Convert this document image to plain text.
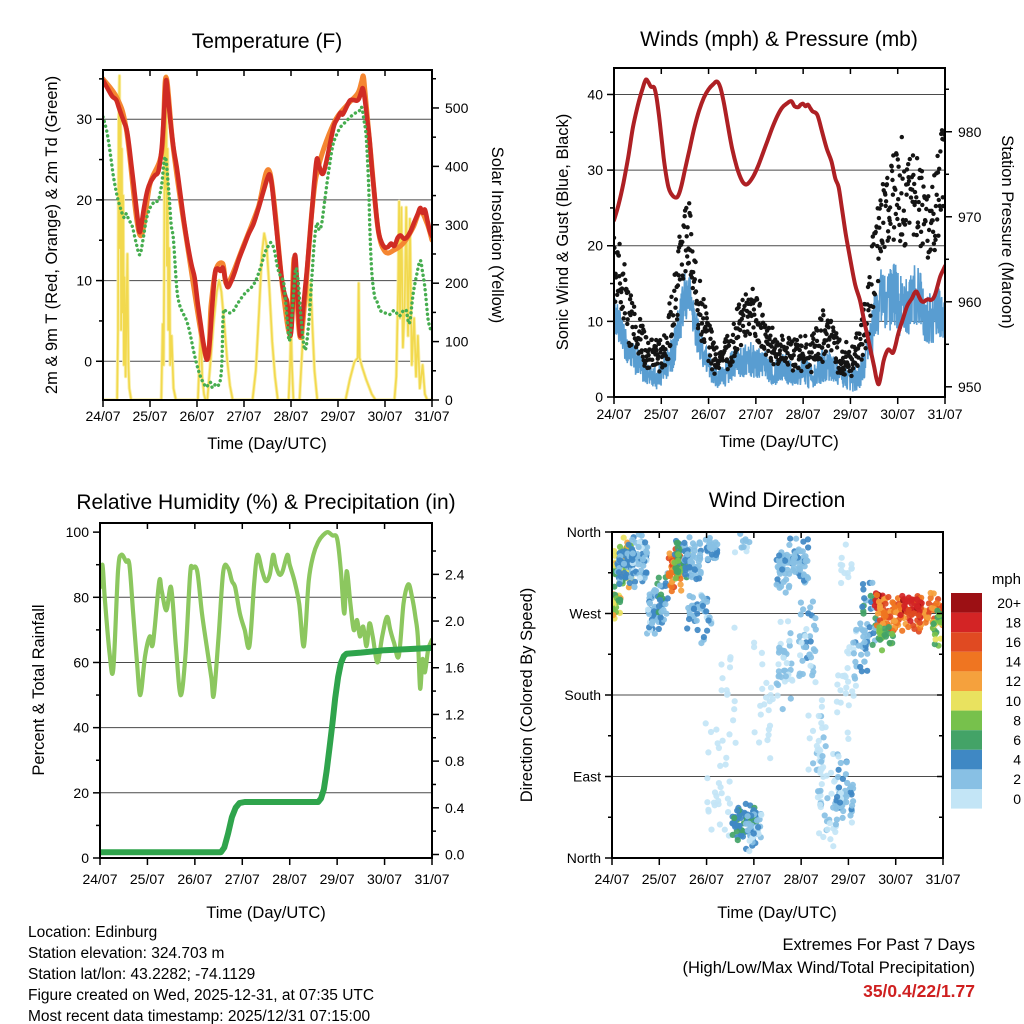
Temperature (F)
2m & 9m T (Red, Orange) & 2m Td (Green)	Solar Insolation (Yellow)
Time (Day/UTC)
0
10
20
30
0
100
200
300
400
500
24/07 25/07 26/07 27/07 28/07 29/07 30/07 31/07
Winds (mph) & Pressure (mb)
Sonic Wind & Gust (Blue, Black)	Station Pressure (Maroon)
Time (Day/UTC)
0
10
20
30
40
950
960
970
980
24/07 25/07 26/07 27/07 28/07 29/07 30/07 31/07
Relative Humidity (%) & Precipitation (in)
Percent & Total Rainfall
Time (Day/UTC)
0
20
40
60
80
100
0.0
0.4
0.8
1.2
1.6
2.0
2.4
24/07 25/07 26/07 27/07 28/07 29/07 30/07 31/07
Wind Direction
Direction (Colored By Speed)
Time (Day/UTC)
North
West
South
East
North
24/07 25/07 26/07 27/07 28/07 29/07 30/07 31/07
mph
20+
18
16
14
12
10
8
6
4
2
0
Location: Edinburg
Station elevation: 324.703 m
Station lat/lon: 43.2282; -74.1129
Figure created on Wed, 2025-12-31, at 07:35 UTC
Most recent data timestamp: 2025/12/31 07:15:00
Extremes For Past 7 Days
(High/Low/Max Wind/Total Precipitation)
35/0.4/22/1.77
